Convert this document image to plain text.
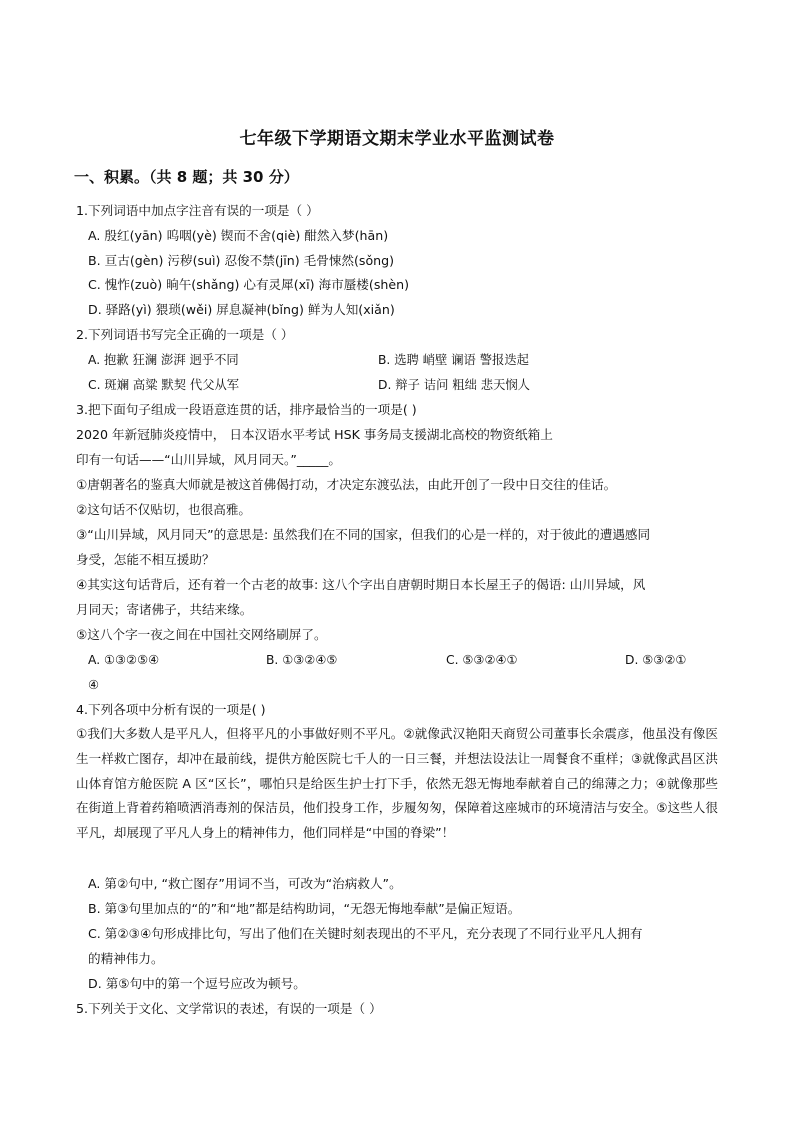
七年级下学期语文期末学业水平监测试卷
一、积累。（共 8 题；共 30 分）
1.下列词语中加点字注音有误的一项是（ ）
A. 殷红(yān) 呜咽(yè) 锲而不舍(qiè) 酣然入梦(hān)
B. 亘古(gèn) 污秽(suì) 忍俊不禁(jīn) 毛骨悚然(sǒng)
C. 愧怍(zuò) 晌午(shǎng) 心有灵犀(xī) 海市蜃楼(shèn)
D. 驿路(yì) 猥琐(wěi) 屏息凝神(bǐng) 鲜为人知(xiǎn)
2.下列词语书写完全正确的一项是（ ）
A. 抱歉 狂澜 澎湃 迥乎不同	B. 选聘 峭壁 谰语 警报迭起
C. 斑斓 高粱 默契 代父从军	D. 辩子 诘问 粗绌 悲天悯人
3.把下面句子组成一段语意连贯的话，排序最恰当的一项是( )
2020 年新冠肺炎疫情中， 日本汉语水平考试 HSK 事务局支援湖北高校的物资纸箱上
印有一句话——“山川异域，风月同天。”_____。
①唐朝著名的鉴真大师就是被这首佛偈打动，才决定东渡弘法，由此开创了一段中日交往的佳话。
②这句话不仅贴切，也很高雅。
③“山川异域，风月同天”的意思是: 虽然我们在不同的国家，但我们的心是一样的，对于彼此的遭遇感同
身受，怎能不相互援助？
④其实这句话背后，还有着一个古老的故事: 这八个字出自唐朝时期日本长屋王子的偈语: 山川异域，风
月同天；寄诸佛子，共结来缘。
⑤这八个字一夜之间在中国社交网络刷屏了。
A. ①③②⑤④	B. ①③②④⑤	C. ⑤③②④①	D. ⑤③②①
④
4.下列各项中分析有误的一项是( )
①我们大多数人是平凡人，但将平凡的小事做好则不平凡。②就像武汉艳阳天商贸公司董事长余震彦，他虽没有像医生一样救亡图存，却冲在最前线，提供方舱医院七千人的一日三餐，并想法设法让一周餐食不重样；③就像武昌区洪山体育馆方舱医院 A 区“区长”，哪怕只是给医生护士打下手，依然无怨无悔地奉献着自己的绵薄之力；④就像那些在街道上背着药箱喷洒消毒剂的保洁员，他们投身工作，步履匆匆，保障着这座城市的环境清洁与安全。⑤这些人很平凡，却展现了平凡人身上的精神伟力，他们同样是“中国的脊梁”！
A. 第②句中, “救亡图存”用词不当，可改为“治病救人”。
B. 第③句里加点的“的”和“地”都是结构助词，“无怨无悔地奉献”是偏正短语。
C. 第②③④句形成排比句，写出了他们在关键时刻表现出的不平凡，充分表现了不同行业平凡人拥有
的精神伟力。
D. 第⑤句中的第一个逗号应改为顿号。
5.下列关于文化、文学常识的表述，有误的一项是（ ）
